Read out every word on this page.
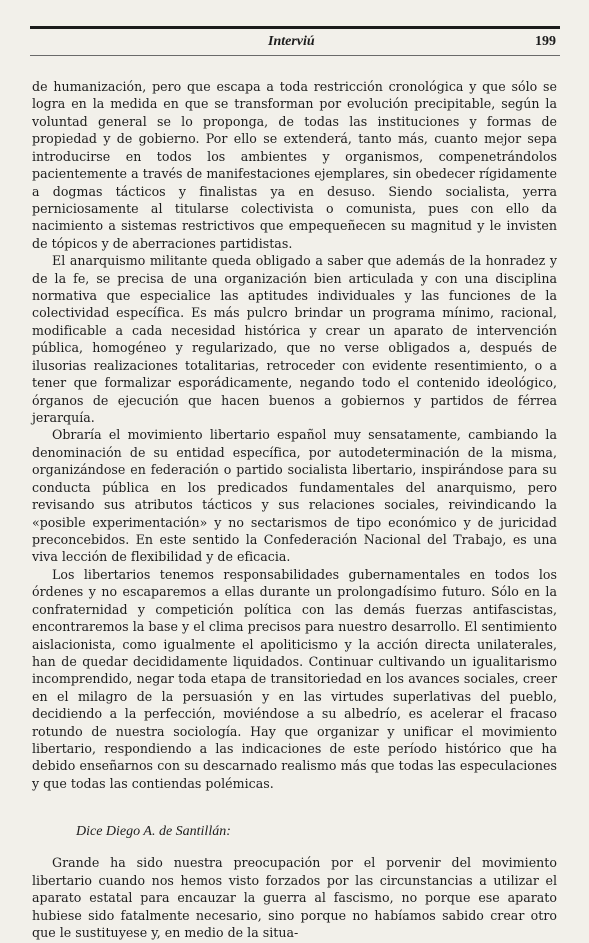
Interviú	199

de humanización, pero que escapa a toda restricción cronológica y que sólo se logra en la medida en que se transforman por evolución precipitable, según la voluntad general se lo proponga, de todas las instituciones y formas de propiedad y de gobierno. Por ello se extenderá, tanto más, cuanto mejor sepa introducirse en todos los ambientes y organismos, compenetrándolos pacientemente a través de manifestaciones ejemplares, sin obedecer rígidamente a dogmas tácticos y finalistas ya en desuso. Siendo socialista, yerra perniciosamente al titularse colectivista o comunista, pues con ello da nacimiento a sistemas restrictivos que empequeñecen su magnitud y le invisten de tópicos y de aberraciones partidistas.

El anarquismo militante queda obligado a saber que además de la honradez y de la fe, se precisa de una organización bien articulada y con una disciplina normativa que especialice las aptitudes individuales y las funciones de la colectividad específica. Es más pulcro brindar un programa mínimo, racional, modificable a cada necesidad histórica y crear un aparato de intervención pública, homogéneo y regularizado, que no verse obligados a, después de ilusorias realizaciones totalitarias, retroceder con evidente resentimiento, o a tener que formalizar esporádicamente, negando todo el contenido ideológico, órganos de ejecución que hacen buenos a gobiernos y partidos de férrea jerarquía.

Obraría el movimiento libertario español muy sensatamente, cambiando la denominación de su entidad específica, por autodeterminación de la misma, organizándose en federación o partido socialista libertario, inspirándose para su conducta pública en los predicados fundamentales del anarquismo, pero revisando sus atributos tácticos y sus relaciones sociales, reivindicando la «posible experimentación» y no sectarismos de tipo económico y de juricidad preconcebidos. En este sentido la Confederación Nacional del Trabajo, es una viva lección de flexibilidad y de eficacia.

Los libertarios tenemos responsabilidades gubernamentales en todos los órdenes y no escaparemos a ellas durante un prolongadísimo futuro. Sólo en la confraternidad y competición política con las demás fuerzas antifascistas, encontraremos la base y el clima precisos para nuestro desarrollo. El sentimiento aislacionista, como igualmente el apoliticismo y la acción directa unilaterales, han de quedar decididamente liquidados. Continuar cultivando un igualitarismo incomprendido, negar toda etapa de transitoriedad en los avances sociales, creer en el milagro de la persuasión y en las virtudes superlativas del pueblo, decidiendo a la perfección, moviéndose a su albedrío, es acelerar el fracaso rotundo de nuestra sociología. Hay que organizar y unificar el movimiento libertario, respondiendo a las indicaciones de este período histórico que ha debido enseñarnos con su descarnado realismo más que todas las especulaciones y que todas las contiendas polémicas.

Dice Diego A. de Santillán:

Grande ha sido nuestra preocupación por el porvenir del movimiento libertario cuando nos hemos visto forzados por las circunstancias a utilizar el aparato estatal para encauzar la guerra al fascismo, no porque ese aparato hubiese sido fatalmente necesario, sino porque no habíamos sabido crear otro que le sustituyese y, en medio de la situa-
